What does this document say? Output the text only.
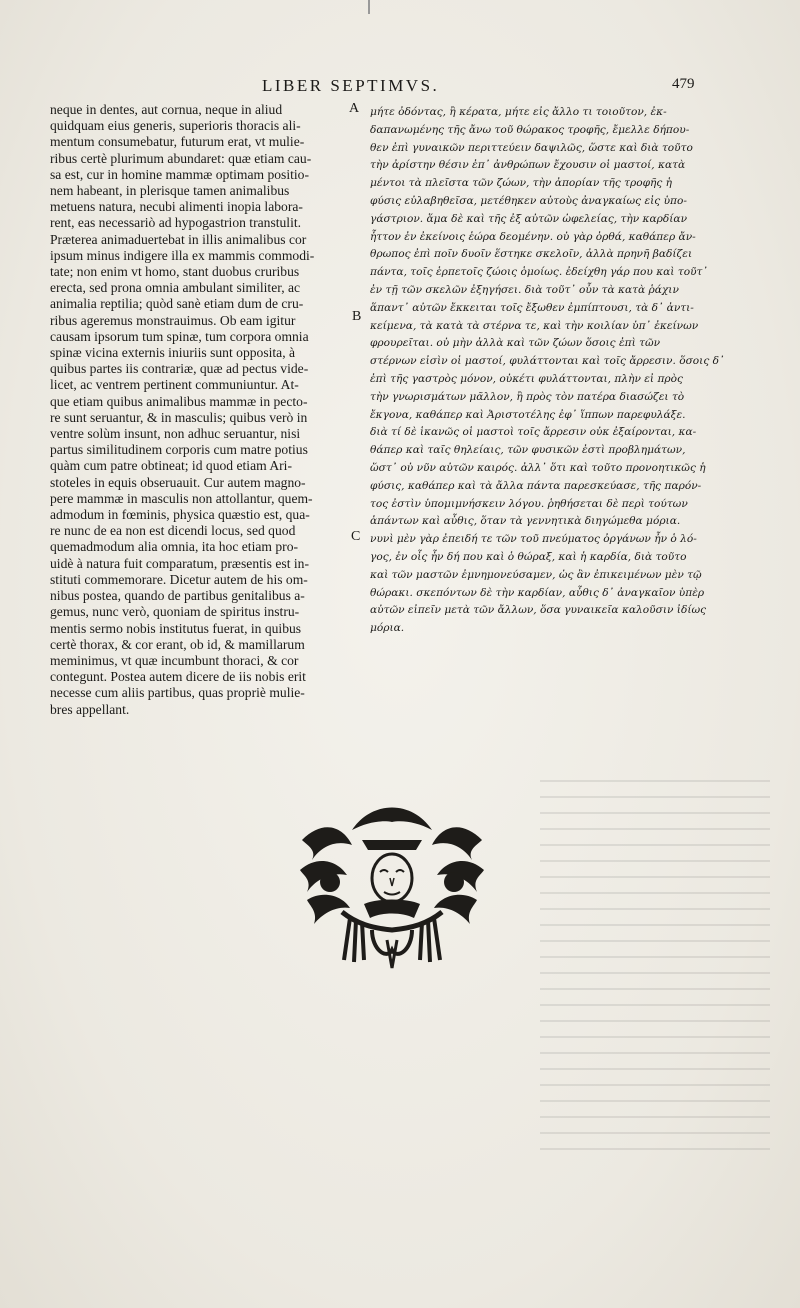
LIBER SEPTIMVS.	479
neque in dentes, aut cornua, neque in aliud
quidquam eius generis, superioris thoracis ali-
mentum consumebatur, futurum erat, vt mulie-
ribus certè plurimum abundaret: quæ etiam cau-
sa est, cur in homine mammæ optimam positio-
nem habeant, in plerisque tamen animalibus
metuens natura, necubi alimenti inopia labora-
rent, eas necessariò ad hypogastrion transtulit.
Præterea animaduertebat in illis animalibus cor
ipsum minus indigere illa ex mammis commodi-
tate; non enim vt homo, stant duobus cruribus
erecta, sed prona omnia ambulant similiter, ac
animalia reptilia; quòd sanè etiam dum de cru-
ribus ageremus monstrauimus. Ob eam igitur
causam ipsorum tum spinæ, tum corpora omnia
spinæ vicina externis iniuriis sunt opposita, à
quibus partes iis contrariæ, quæ ad pectus vide-
licet, ac ventrem pertinent communiuntur. At-
que etiam quibus animalibus mammæ in pecto-
re sunt seruantur, & in masculis; quibus verò in
ventre solùm insunt, non adhuc seruantur, nisi
partus similitudinem corporis cum matre potius
quàm cum patre obtineat; id quod etiam Ari-
stoteles in equis obseruauit. Cur autem magno-
pere mammæ in masculis non attollantur, quem-
admodum in fœminis, physica quæstio est, qua-
re nunc de ea non est dicendi locus, sed quod
quemadmodum alia omnia, ita hoc etiam pro-
uidè à natura fuit comparatum, præsentis est in-
stituti commemorare. Dicetur autem de his om-
nibus postea, quando de partibus genitalibus a-
gemus, nunc verò, quoniam de spiritus instru-
mentis sermo nobis institutus fuerat, in quibus
certè thorax, & cor erant, ob id, & mamillarum
meminimus, vt quæ incumbunt thoraci, & cor
contegunt. Postea autem dicere de iis nobis erit
necesse cum aliis partibus, quas propriè mulie-
bres appellant.
μήτε ὀδόντας, ἢ κέρατα, μήτε εἰς ἄλλο τι τοιοῦτον, ἐκ-
δαπανωμένης τῆς ἄνω τοῦ θώρακος τροφῆς, ἔμελλε δήπου-
θεν ἐπὶ γυναικῶν περιττεύειν δαψιλῶς, ὥστε καὶ διὰ τοῦτο
τὴν ἀρίστην θέσιν ἐπ᾽ ἀνθρώπων ἔχουσιν οἱ μαστοί, κατὰ
μέντοι τὰ πλεῖστα τῶν ζώων, τὴν ἀπορίαν τῆς τροφῆς ἡ
φύσις εὐλαβηθεῖσα, μετέθηκεν αὐτοὺς ἀναγκαίως εἰς ὑπο-
γάστριον. ἅμα δὲ καὶ τῆς ἐξ αὐτῶν ὠφελείας, τὴν καρδίαν
ἧττον ἐν ἐκείνοις ἑώρα δεομένην. οὐ γὰρ ὀρθά, καθάπερ ἄν-
θρωπος ἐπὶ ποῖν δυοῖν ἕστηκε σκελοῖν, ἀλλὰ πρηνῆ βαδίζει
πάντα, τοῖς ἑρπετοῖς ζώοις ὁμοίως. ἐδείχθη γάρ που καὶ τοῦτ᾽
ἐν τῇ τῶν σκελῶν ἐξηγήσει. διὰ τοῦτ᾽ οὖν τὰ κατὰ ῥάχιν
ἅπαντ᾽ αὐτῶν ἔκκειται τοῖς ἔξωθεν ἐμπίπτουσι, τὰ δ᾽ ἀντι-
κείμενα, τὰ κατὰ τὰ στέρνα τε, καὶ τὴν κοιλίαν ὑπ᾽ ἐκείνων
φρουρεῖται. οὐ μὴν ἀλλὰ καὶ τῶν ζώων ὅσοις ἐπὶ τῶν
στέρνων εἰσὶν οἱ μαστοί, φυλάττονται καὶ τοῖς ἄρρεσιν. ὅσοις δ᾽
ἐπὶ τῆς γαστρὸς μόνον, οὐκέτι φυλάττονται, πλὴν εἰ πρὸς
τὴν γνωρισμάτων μᾶλλον, ἢ πρὸς τὸν πατέρα διασώζει τὸ
ἔκγονα, καθάπερ καὶ Ἀριστοτέλης ἐφ᾽ ἵππων παρεφυλάξε.
διὰ τί δὲ ἱκανῶς οἱ μαστοὶ τοῖς ἄρρεσιν οὐκ ἐξαίρονται, κα-
θάπερ καὶ ταῖς θηλείαις, τῶν φυσικῶν ἐστὶ προβλημάτων,
ὥστ᾽ οὐ νῦν αὐτῶν καιρός. ἀλλ᾽ ὅτι καὶ τοῦτο προνοητικῶς ἡ
φύσις, καθάπερ καὶ τὰ ἄλλα πάντα παρεσκεύασε, τῆς παρόν-
τος ἐστὶν ὑπομιμνήσκειν λόγου. ῥηθήσεται δὲ περὶ τούτων
ἁπάντων καὶ αὖθις, ὅταν τὰ γεννητικὰ διηγώμεθα μόρια.
νυνὶ μὲν γὰρ ἐπειδή τε τῶν τοῦ πνεύματος ὀργάνων ἦν ὁ λό-
γος, ἐν οἷς ἦν δή που καὶ ὁ θώραξ, καὶ ἡ καρδία, διὰ τοῦτο
καὶ τῶν μαστῶν ἐμνημονεύσαμεν, ὡς ἂν ἐπικειμένων μὲν τῷ
θώρακι. σκεπόντων δὲ τὴν καρδίαν, αὖθις δ᾽ ἀναγκαῖον ὑπὲρ
αὐτῶν εἰπεῖν μετὰ τῶν ἄλλων, ὅσα γυναικεῖα καλοῦσιν ἰδίως
μόρια.
A
B
C
